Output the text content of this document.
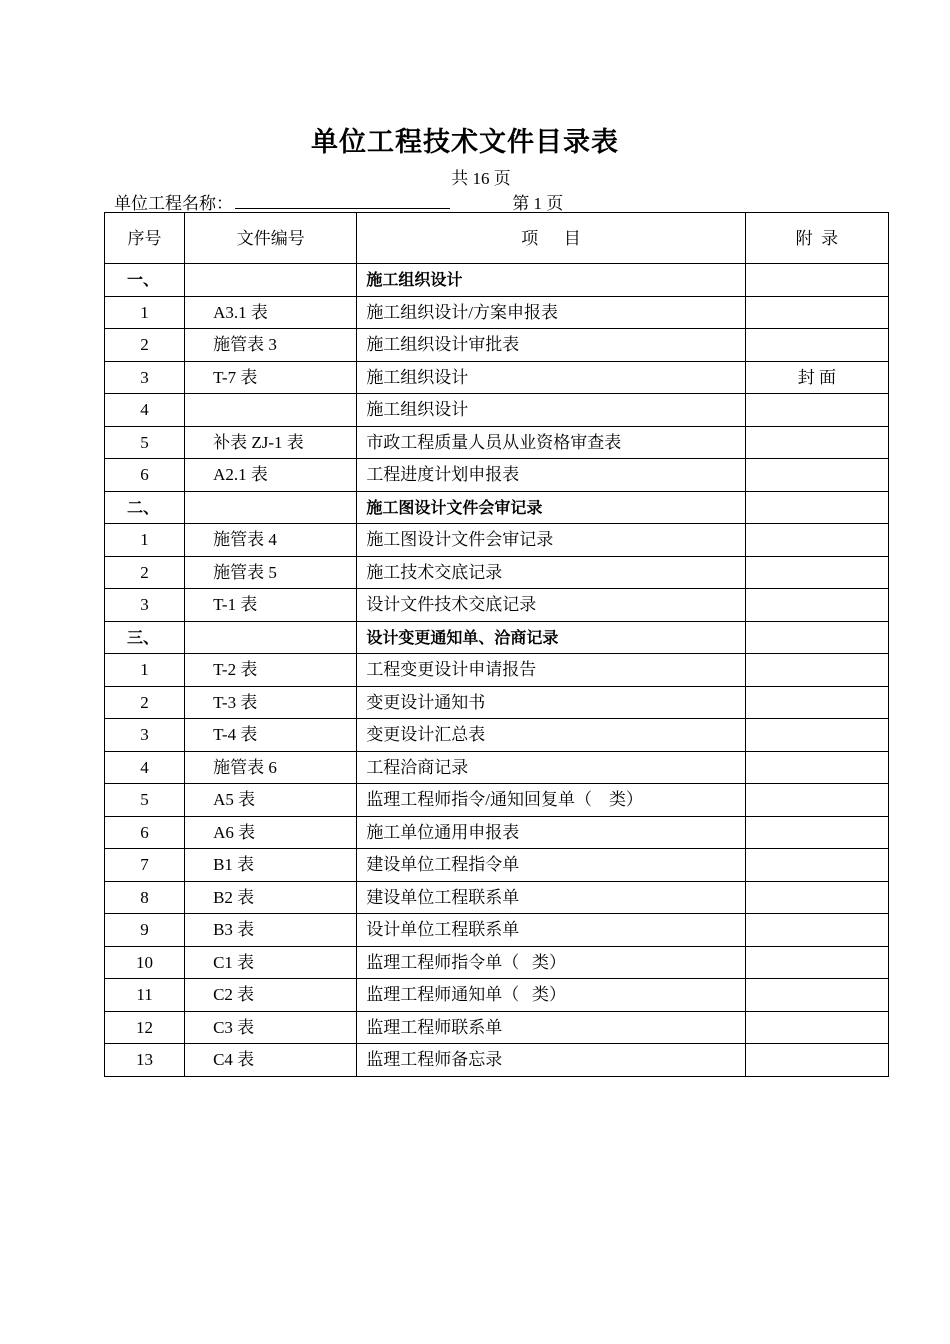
单位工程技术文件目录表
共 16 页
单位工程名称：	第 1 页
序号	文件编号	项      目	附  录
一、		施工组织设计	
1	A3.1 表	施工组织设计/方案申报表	
2	施管表 3	施工组织设计审批表	
3	T-7 表	施工组织设计	封 面
4		施工组织设计	
5	补表 ZJ-1 表	市政工程质量人员从业资格审查表	
6	A2.1 表	工程进度计划申报表	
二、		施工图设计文件会审记录	
1	施管表 4	施工图设计文件会审记录	
2	施管表 5	施工技术交底记录	
3	T-1 表	设计文件技术交底记录	
三、		设计变更通知单、洽商记录	
1	T-2 表	工程变更设计申请报告	
2	T-3 表	变更设计通知书	
3	T-4 表	变更设计汇总表	
4	施管表 6	工程洽商记录	
5	A5 表	监理工程师指令/通知回复单（    类）	
6	A6 表	施工单位通用申报表	
7	B1 表	建设单位工程指令单	
8	B2 表	建设单位工程联系单	
9	B3 表	设计单位工程联系单	
10	C1 表	监理工程师指令单（   类）	
11	C2 表	监理工程师通知单（   类）	
12	C3 表	监理工程师联系单	
13	C4 表	监理工程师备忘录	
